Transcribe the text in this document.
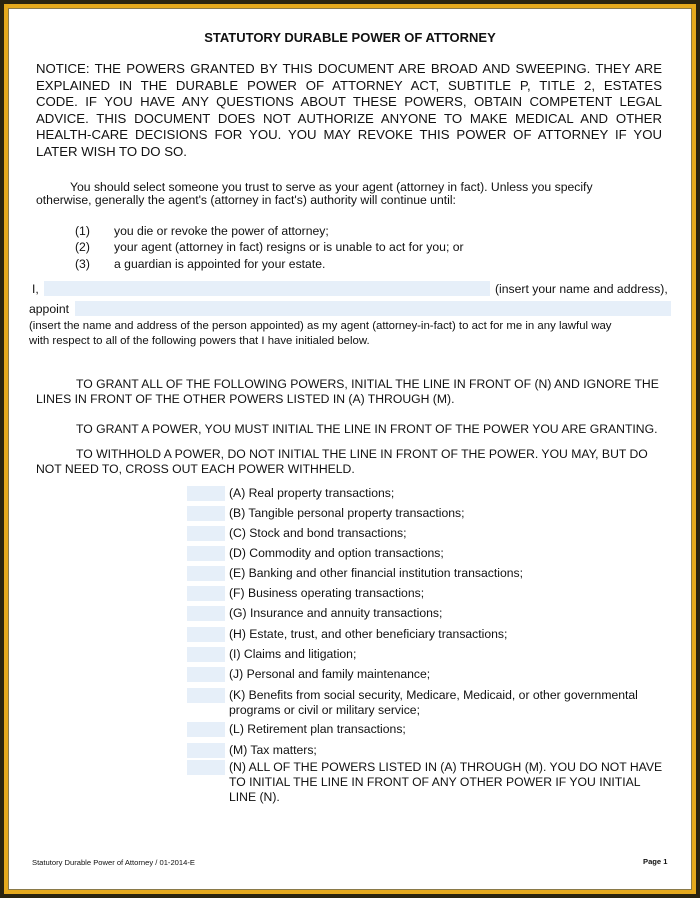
STATUTORY DURABLE POWER OF ATTORNEY
NOTICE: THE POWERS GRANTED BY THIS DOCUMENT ARE BROAD AND SWEEPING. THEY ARE
EXPLAINED IN THE DURABLE POWER OF ATTORNEY ACT, SUBTITLE P, TITLE 2, ESTATES
CODE. IF YOU HAVE ANY QUESTIONS ABOUT THESE POWERS, OBTAIN COMPETENT LEGAL
ADVICE. THIS DOCUMENT DOES NOT AUTHORIZE ANYONE TO MAKE MEDICAL AND OTHER
HEALTH-CARE DECISIONS FOR YOU. YOU MAY REVOKE THIS POWER OF ATTORNEY IF YOU
LATER WISH TO DO SO.
You should select someone you trust to serve as your agent (attorney in fact). Unless you specify
otherwise, generally the agent's (attorney in fact's) authority will continue until:
(1) you die or revoke the power of attorney;
(2) your agent (attorney in fact) resigns or is unable to act for you; or
(3) a guardian is appointed for your estate.
I,	(insert your name and address),
appoint
(insert the name and address of the person appointed) as my agent (attorney-in-fact) to act for me in any lawful way
with respect to all of the following powers that I have initialed below.
TO GRANT ALL OF THE FOLLOWING POWERS, INITIAL THE LINE IN FRONT OF (N) AND IGNORE THE
LINES IN FRONT OF THE OTHER POWERS LISTED IN (A) THROUGH (M).
TO GRANT A POWER, YOU MUST INITIAL THE LINE IN FRONT OF THE POWER YOU ARE GRANTING.
TO WITHHOLD A POWER, DO NOT INITIAL THE LINE IN FRONT OF THE POWER. YOU MAY, BUT DO
NOT NEED TO, CROSS OUT EACH POWER WITHHELD.
(A) Real property transactions;
(B) Tangible personal property transactions;
(C) Stock and bond transactions;
(D) Commodity and option transactions;
(E) Banking and other financial institution transactions;
(F) Business operating transactions;
(G) Insurance and annuity transactions;
(H) Estate, trust, and other beneficiary transactions;
(I) Claims and litigation;
(J) Personal and family maintenance;
(K) Benefits from social security, Medicare, Medicaid, or other governmental
programs or civil or military service;
(L) Retirement plan transactions;
(M) Tax matters;
(N) ALL OF THE POWERS LISTED IN (A) THROUGH (M). YOU DO NOT HAVE
TO INITIAL THE LINE IN FRONT OF ANY OTHER POWER IF YOU INITIAL
LINE (N).
Statutory Durable Power of Attorney / 01-2014-E	Page 1
